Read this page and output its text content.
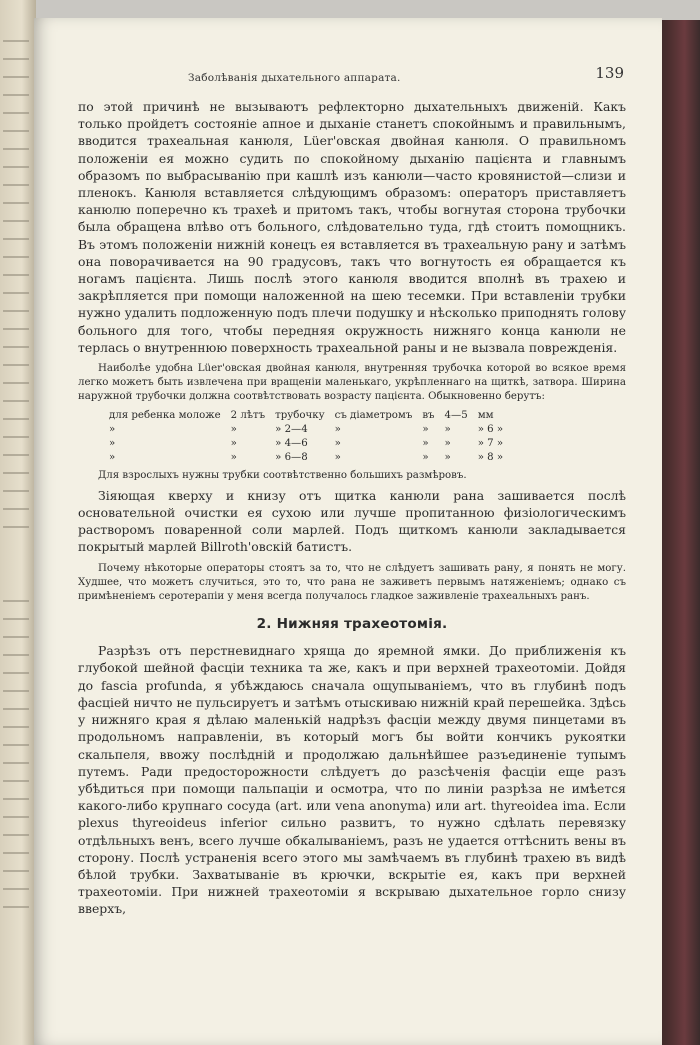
Заболѣванія дыхательного аппарата.	139

по этой причинѣ не вызываютъ рефлекторно дыхательныхъ движеній. Какъ только пройдетъ состояніе апное и дыханіе станетъ спокойнымъ и правильнымъ, вводится трахеальная канюля, Lüer'овская двойная канюля. О правильномъ положеніи ея можно судить по спокойному дыханію пацієнта и главнымъ образомъ по выбрасыванію при кашлѣ изъ канюли—часто кровянистой—слизи и пленокъ. Канюля вставляется слѣдующимъ образомъ: операторъ приставляетъ канюлю поперечно къ трахеѣ и притомъ такъ, чтобы вогнутая сторона трубочки была обращена влѣво отъ больного, слѣдовательно туда, гдѣ стоитъ помощникъ. Въ этомъ положеніи нижній конецъ ея вставляется въ трахеальную рану и затѣмъ она поворачивается на 90 градусовъ, такъ что вогнутость ея обращается къ ногамъ пацієнта. Лишь послѣ этого канюля вводится вполнѣ въ трахею и закрѣпляется при помощи наложенной на шею тесемки. При вставленіи трубки нужно удалить подложенную подъ плечи подушку и нѣсколько приподнять голову больного для того, чтобы передняя окружность нижняго конца канюли не терлась о внутреннюю поверхность трахеальной раны и не вызвала поврежденія.

Наиболѣе удобна Lüer'овская двойная канюля, внутренняя трубочка которой во всякое время легко можетъ быть извлечена при вращеніи маленькаго, укрѣпленнаго на щиткѣ, затвора. Ширина наружной трубочки должна соотвѣтствовать возрасту пацієнта. Обыкновенно берутъ:

для ребенка моложе	2 лѣтъ	трубочку	съ діаметромъ	въ	4—5	мм
»	»	» 2—4	»	»	»	» 6 »
»	»	» 4—6	»	»	»	» 7 »
»	»	» 6—8	»	»	»	» 8 »

Для взрослыхъ нужны трубки соотвѣтственно большихъ размѣровъ.

Зіяющая кверху и книзу отъ щитка канюли рана зашивается послѣ основательной очистки ея сухою или лучше пропитанною физіологическимъ растворомъ поваренной соли марлей. Подъ щиткомъ канюли закладывается покрытый марлей Billroth'овскій батистъ.

Почему нѣкоторые операторы стоятъ за то, что не слѣдуетъ зашивать рану, я понять не могу. Худшее, что можетъ случиться, это то, что рана не заживетъ первымъ натяженіемъ; однако съ примѣненіемъ серотерапіи у меня всегда получалось гладкое заживленіе трахеальныхъ ранъ.

2. Нижняя трахеотомія.

Разрѣзъ отъ перстневиднаго хряща до яремной ямки. До приближенія къ глубокой шейной фасціи техника та же, какъ и при верхней трахеотоміи. Дойдя до fascia profunda, я убѣждаюсь сначала ощупываніемъ, что въ глубинѣ подъ фасціей ничто не пульсируетъ и затѣмъ отыскиваю нижній край перешейка. Здѣсь у нижняго края я дѣлаю маленькій надрѣзъ фасціи между двумя пинцетами въ продольномъ направленіи, въ который могъ бы войти кончикъ рукоятки скальпеля, ввожу послѣдній и продолжаю дальнѣйшее разъединеніе тупымъ путемъ. Ради предосторожности слѣдуетъ до разсѣченія фасціи еще разъ убѣдиться при помощи пальпаціи и осмотра, что по линіи разрѣза не имѣется какого-либо крупнаго сосуда (art. или vena anonyma) или art. thyreoidea ima. Если plexus thyreoideus inferior сильно развитъ, то нужно сдѣлать перевязку отдѣльныхъ венъ, всего лучше обкалываніемъ, разъ не удается оттѣснить вены въ сторону. Послѣ устраненія всего этого мы замѣчаемъ въ глубинѣ трахею въ видѣ бѣлой трубки. Захватываніе въ крючки, вскрытіе ея, какъ при верхней трахеотоміи. При нижней трахеотоміи я вскрываю дыхательное горло снизу вверхъ,
